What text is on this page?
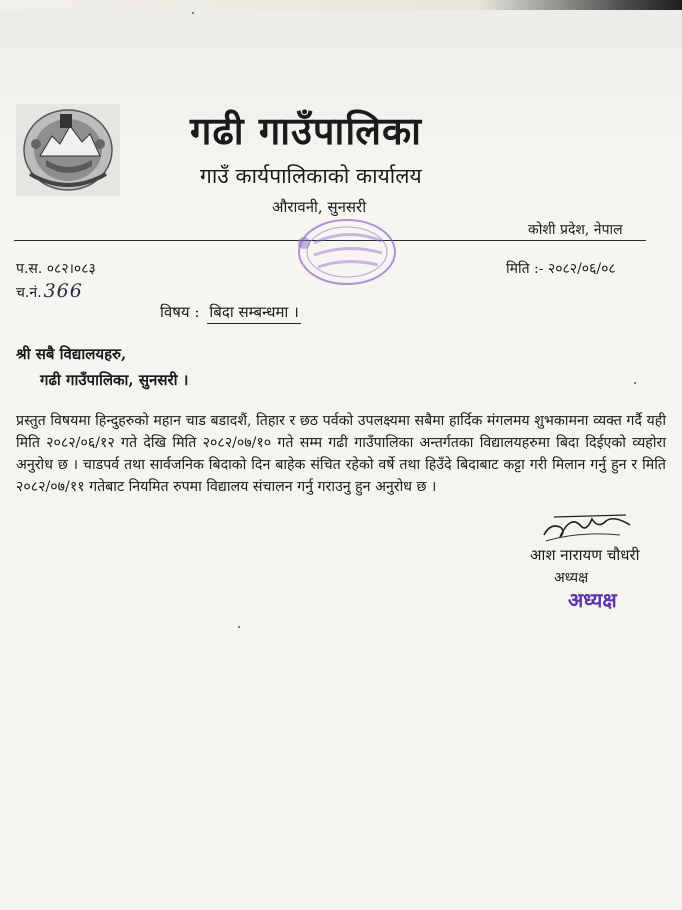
गढी गाउँपालिका
गाउँ कार्यपालिकाको कार्यालय
औरावनी, सुनसरी
कोशी प्रदेश, नेपाल
प.स. ०८२।०८३
च.नं. 366
मिति :- २०८२/०६/०८
विषय : बिदा सम्बन्धमा ।
श्री सबै विद्यालयहरु,
गढी गाउँपालिका, सुनसरी ।
प्रस्तुत विषयमा हिन्दुहरुको महान चाड बडादशैं, तिहार र छठ पर्वको उपलक्ष्यमा सबैमा हार्दिक मंगलमय शुभकामना व्यक्त गर्दै यही मिति २०८२/०६/१२ गते देखि मिति २०८२/०७/१० गते सम्म गढी गाउँपालिका अन्तर्गतका विद्यालयहरुमा बिदा दिईएको व्यहोरा अनुरोध छ । चाडपर्व तथा सार्वजनिक बिदाको दिन बाहेक संचित रहेको वर्षे तथा हिउँदे बिदाबाट कट्टा गरी मिलान गर्नु हुन र मिति २०८२/०७/११ गतेबाट नियमित रुपमा विद्यालय संचालन गर्नु गराउनु हुन अनुरोध छ ।
आश नारायण चौधरी
अध्यक्ष
अध्यक्ष
